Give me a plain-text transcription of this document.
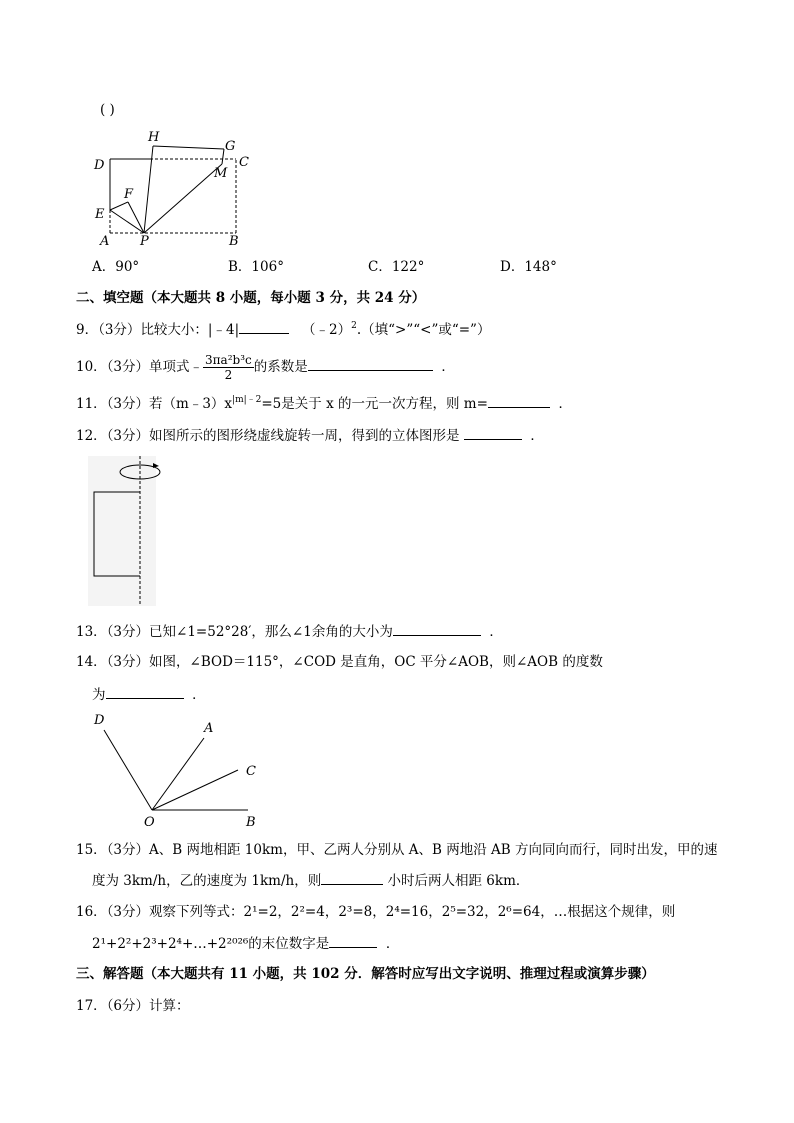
( )
H
G
D	C
M
F
E
A P	B
A．90°	B．106°	C．122°	D．148°
二、填空题（本大题共 8 小题，每小题 3 分，共 24 分）
9．（3分）比较大小：|﹣4|	（﹣2）$^2$.（填“>”“<”或“=”）
10．（3分）单项式﹣ $\frac{\text{3πa²b³c}}{2}$ 的系数是	．
11．（3分）若$(m﹣3)x^{|m|﹣2}=5$是关于 x 的一元一次方程，则 m=	．
12．（3分）如图所示的图形绕虚线旋转一周，得到的立体图形是	．
13．（3分）已知∠1=52°28′，那么∠1余角的大小为	．
14．（3分）如图，∠BOD＝115°，∠COD 是直角，OC 平分∠AOB，则∠AOB 的度数
为	．
D
A
C
O	B
15．（3分）A、B 两地相距 10km，甲、乙两人分别从 A、B 两地沿 AB 方向同向而行，同时出发，甲的速
度为 3km/h，乙的速度为 1km/h，则	小时后两人相距 6km．
16．（3分）观察下列等式：2¹=2，2²=4，2³=8，2⁴=16，2⁵=32，2⁶=64，…根据这个规律，则
2¹+2²+2³+2⁴+…+2²⁰²⁶的末位数字是	．
三、解答题（本大题共有 11 小题，共 102 分．解答时应写出文字说明、推理过程或演算步骤）
17．（6分）计算：
